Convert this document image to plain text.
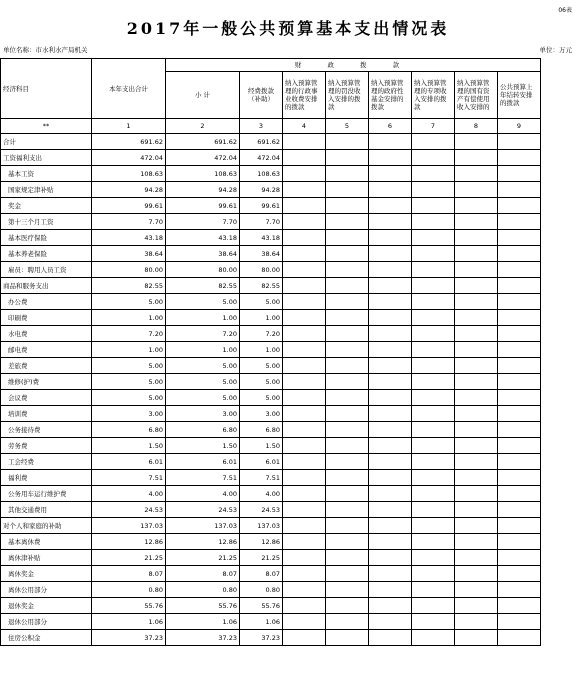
06表
2017年一般公共预算基本支出情况表
单位名称：市水利水产局机关	单位：万元
经济科目	本年支出合计	财 政 拨 款							
		小 计	经费拨款（补助）	纳入预算管理的行政事业收费安排的拨款	纳入预算管理的罚没收入安排的拨款	纳入预算管理的政府性基金安排的拨款	纳入预算管理的专项收入安排的拨款	纳入预算管理的国有资产有偿使用收入安排的	公共预算上年结转安排的拨款
**	1	2	3	4	5	6	7	8	9
合计	691.62	691.62	691.62						
工资福利支出	472.04	472.04	472.04						
基本工资	108.63	108.63	108.63						
国家规定津补贴	94.28	94.28	94.28						
奖金	99.61	99.61	99.61						
第十三个月工资	7.70	7.70	7.70						
基本医疗保险	43.18	43.18	43.18						
基本养老保险	38.64	38.64	38.64						
雇员：聘用人员工资	80.00	80.00	80.00						
商品和服务支出	82.55	82.55	82.55						
办公费	5.00	5.00	5.00						
印刷费	1.00	1.00	1.00						
水电费	7.20	7.20	7.20						
邮电费	1.00	1.00	1.00						
差旅费	5.00	5.00	5.00						
维修(护)费	5.00	5.00	5.00						
会议费	5.00	5.00	5.00						
培训费	3.00	3.00	3.00						
公务接待费	6.80	6.80	6.80						
劳务费	1.50	1.50	1.50						
工会经费	6.01	6.01	6.01						
福利费	7.51	7.51	7.51						
公务用车运行维护费	4.00	4.00	4.00						
其他交通费用	24.53	24.53	24.53						
对个人和家庭的补助	137.03	137.03	137.03						
基本离休费	12.86	12.86	12.86						
离休津补贴	21.25	21.25	21.25						
离休奖金	8.07	8.07	8.07						
离休公用部分	0.80	0.80	0.80						
退休奖金	55.76	55.76	55.76						
退休公用部分	1.06	1.06	1.06						
住房公积金	37.23	37.23	37.23						
